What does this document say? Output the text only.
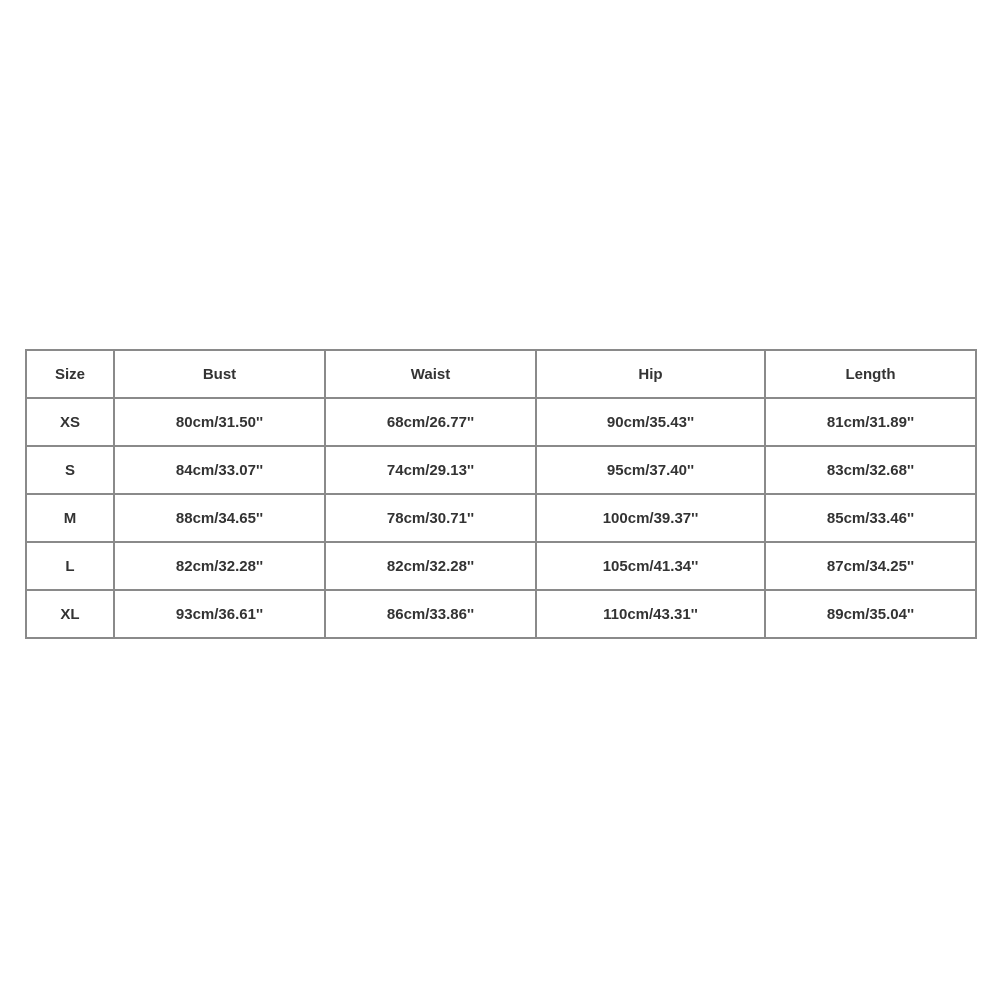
Size	Bust	Waist	Hip	Length
XS	80cm/31.50''	68cm/26.77''	90cm/35.43''	81cm/31.89''
S	84cm/33.07''	74cm/29.13''	95cm/37.40''	83cm/32.68''
M	88cm/34.65''	78cm/30.71''	100cm/39.37''	85cm/33.46''
L	82cm/32.28''	82cm/32.28''	105cm/41.34''	87cm/34.25''
XL	93cm/36.61''	86cm/33.86''	110cm/43.31''	89cm/35.04''
